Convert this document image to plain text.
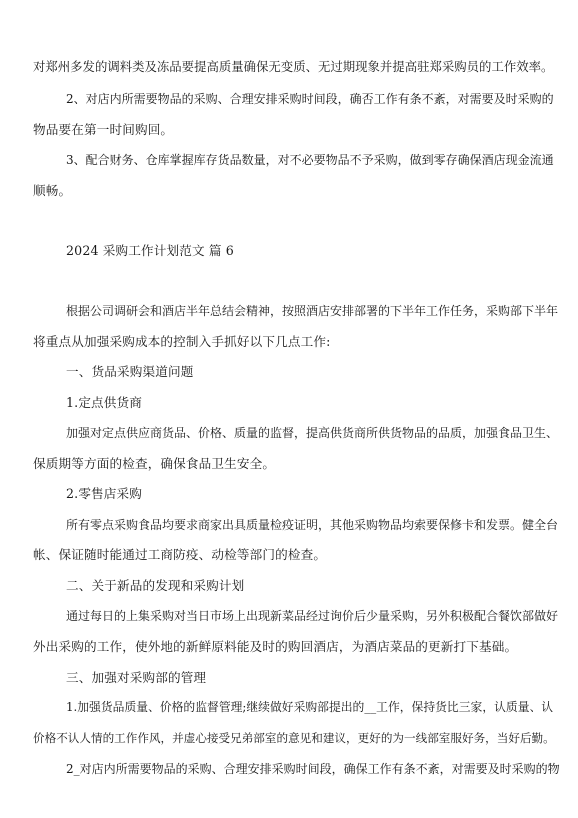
对郑州多发的调料类及冻品要提高质量确保无变质、无过期现象并提高驻郑采购员的工作效率。
2、对店内所需要物品的采购、合理安排采购时间段，确否工作有条不紊，对需要及时采购的
物品要在第一时间购回。
3、配合财务、仓库掌握库存货品数量，对不必要物品不予采购，做到零存确保酒店现金流通
顺畅。
2024 采购工作计划范文 篇 6
根据公司调研会和酒店半年总结会精神，按照酒店安排部署的下半年工作任务，采购部下半年
将重点从加强采购成本的控制入手抓好以下几点工作:
一、货品采购渠道问题
1.定点供货商
加强对定点供应商货品、价格、质量的监督，提高供货商所供货物品的品质，加强食品卫生、
保质期等方面的检查，确保食品卫生安全。
2.零售店采购
所有零点采购食品均要求商家出具质量检疫证明，其他采购物品均索要保修卡和发票。健全台
帐、保证随时能通过工商防疫、动检等部门的检查。
二、关于新品的发现和采购计划
通过每日的上集采购对当日市场上出现新菜品经过询价后少量采购，另外积极配合餐饮部做好
外出采购的工作，使外地的新鲜原料能及时的购回酒店，为酒店菜品的更新打下基础。
三、加强对采购部的管理
1.加强货品质量、价格的监督管理;继续做好采购部提出的__工作，保持货比三家，认质量、认
价格不认人情的工作作风，并虚心接受兄弟部室的意见和建议，更好的为一线部室服好务，当好后勤。
2_对店内所需要物品的采购、合理安排采购时间段，确保工作有条不紊，对需要及时采购的物
